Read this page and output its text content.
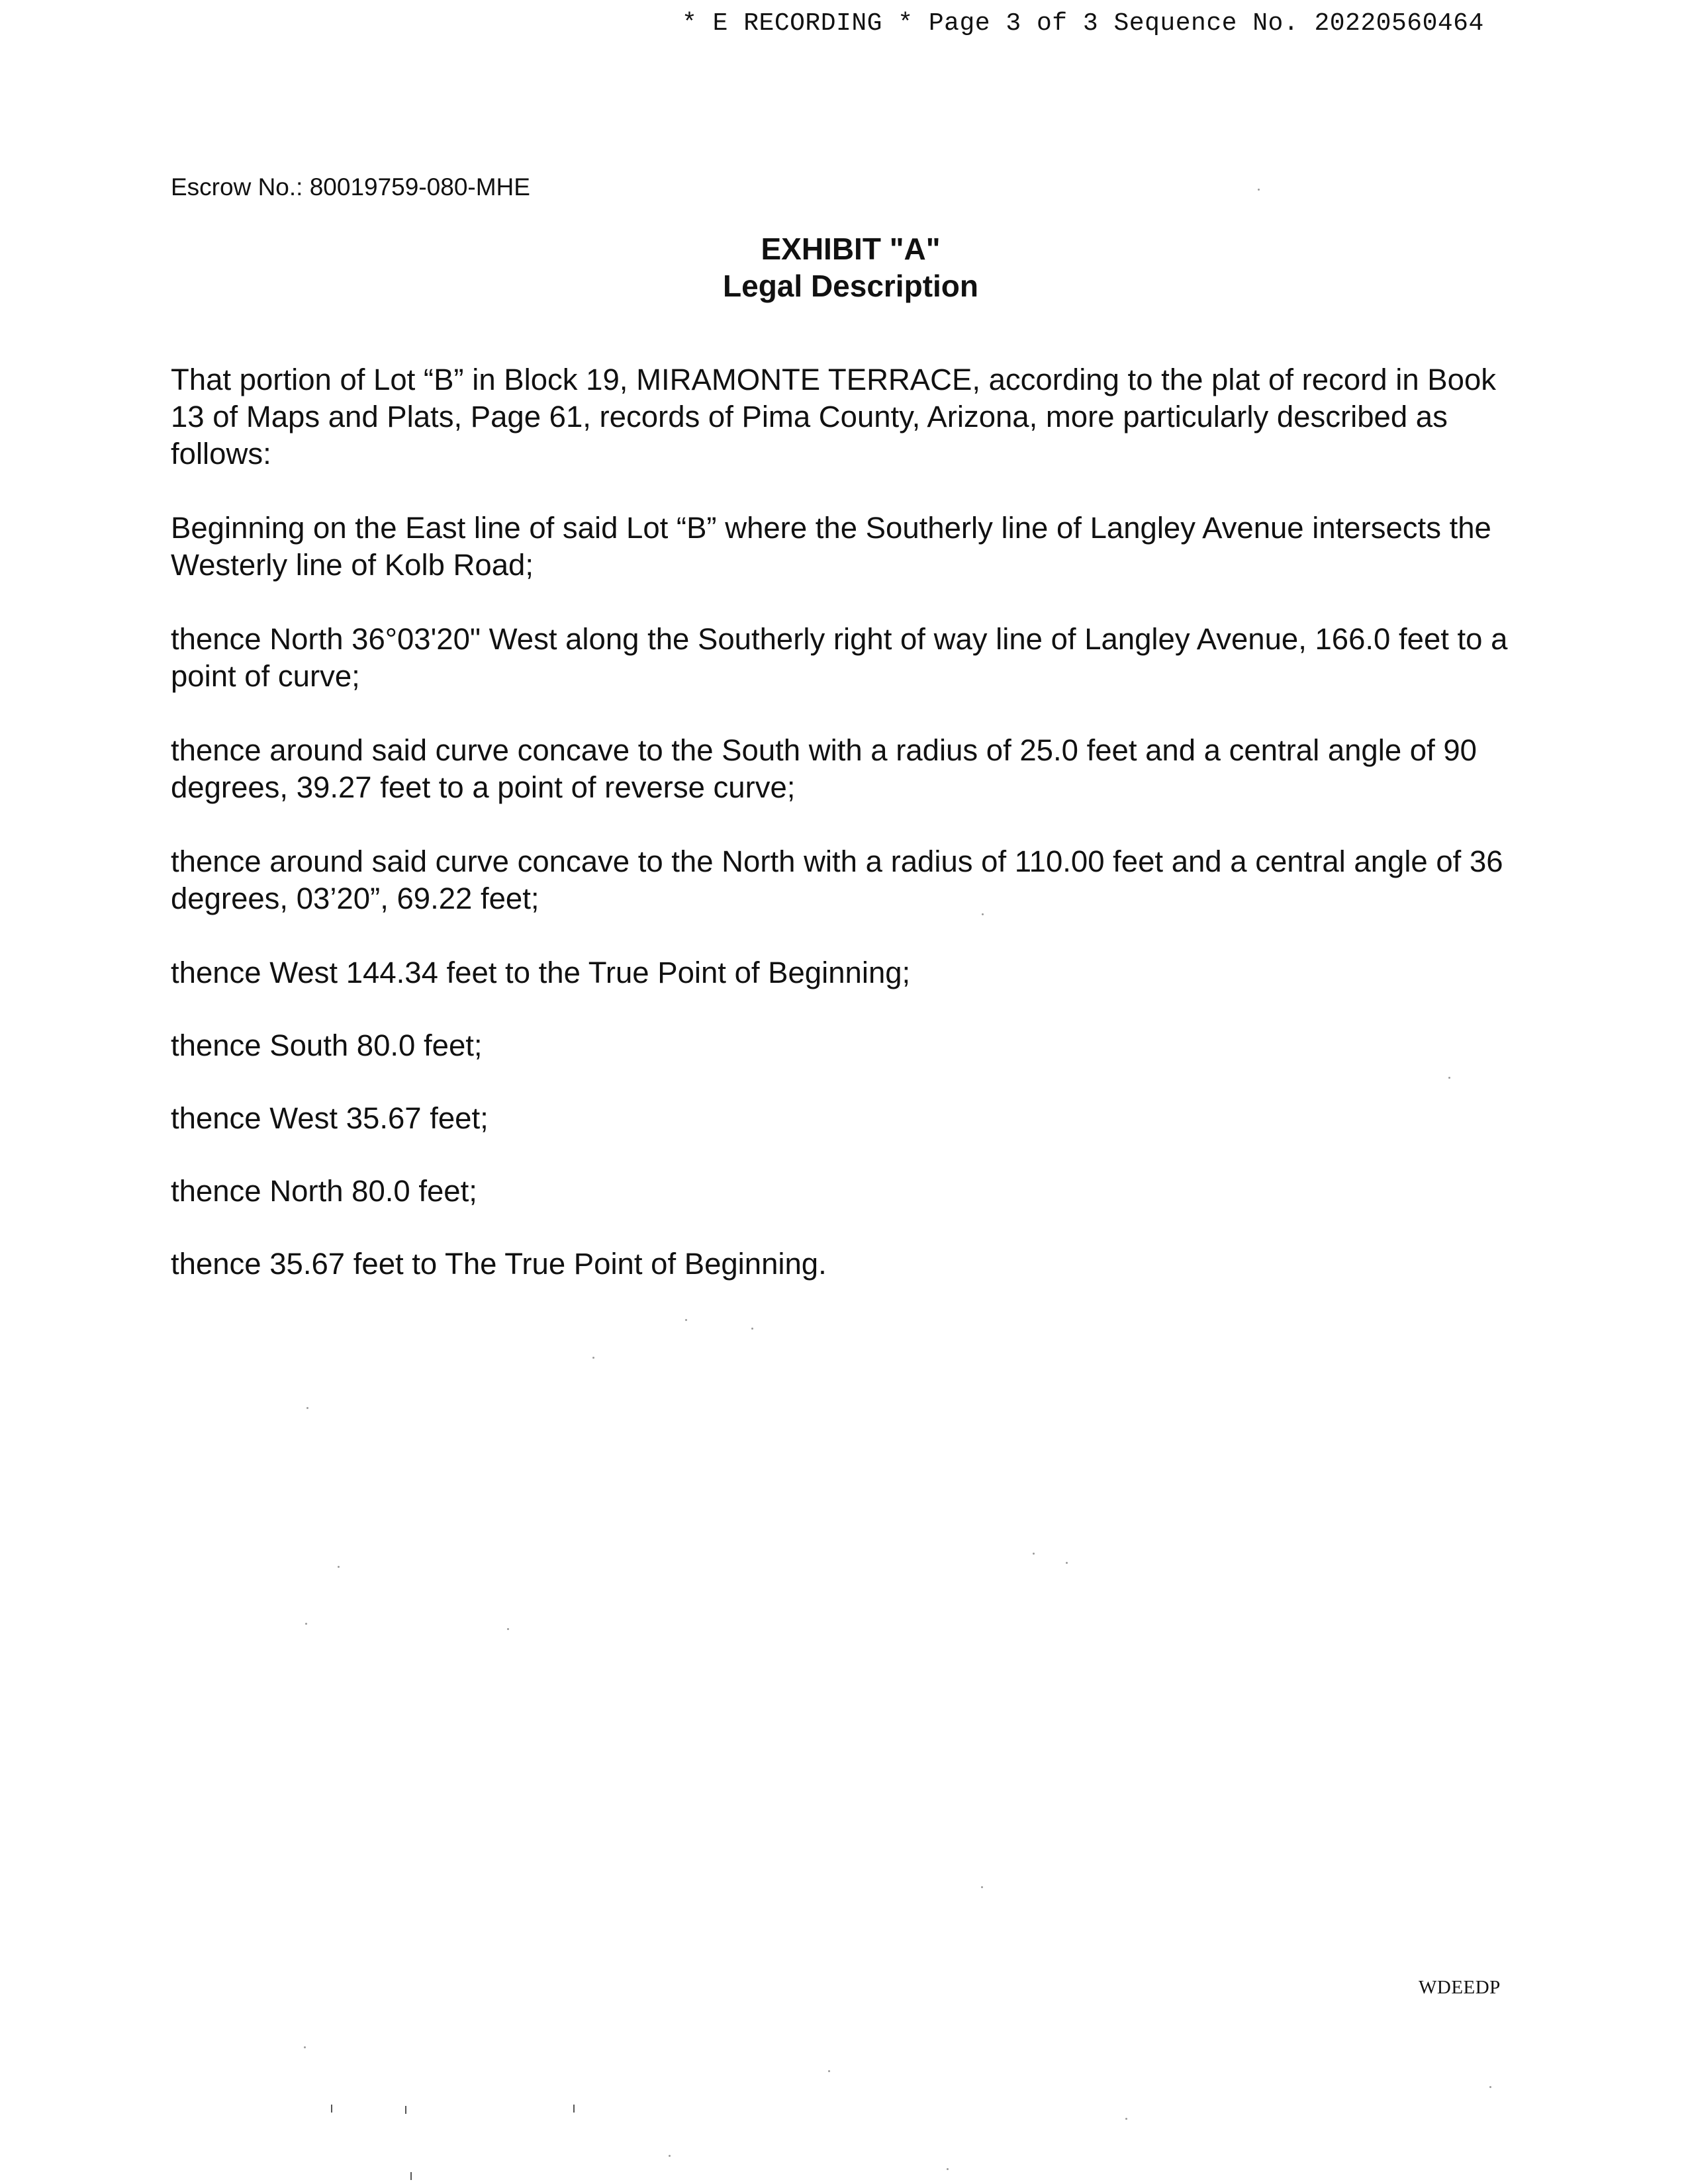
* E RECORDING * Page 3 of 3 Sequence No. 20220560464
Escrow No.: 80019759-080-MHE
EXHIBIT "A"
Legal Description

That portion of Lot “B” in Block 19, MIRAMONTE TERRACE, according to the plat of record in Book 13 of Maps and Plats, Page 61, records of Pima County, Arizona, more particularly described as follows:

Beginning on the East line of said Lot “B” where the Southerly line of Langley Avenue intersects the Westerly line of Kolb Road;

thence North 36°03'20" West along the Southerly right of way line of Langley Avenue, 166.0 feet to a point of curve;

thence around said curve concave to the South with a radius of 25.0 feet and a central angle of 90 degrees, 39.27 feet to a point of reverse curve;

thence around said curve concave to the North with a radius of 110.00 feet and a central angle of 36 degrees, 03’20”, 69.22 feet;

thence West 144.34 feet to the True Point of Beginning;

thence South 80.0 feet;

thence West 35.67 feet;

thence North 80.0 feet;

thence 35.67 feet to The True Point of Beginning.

WDEEDP
